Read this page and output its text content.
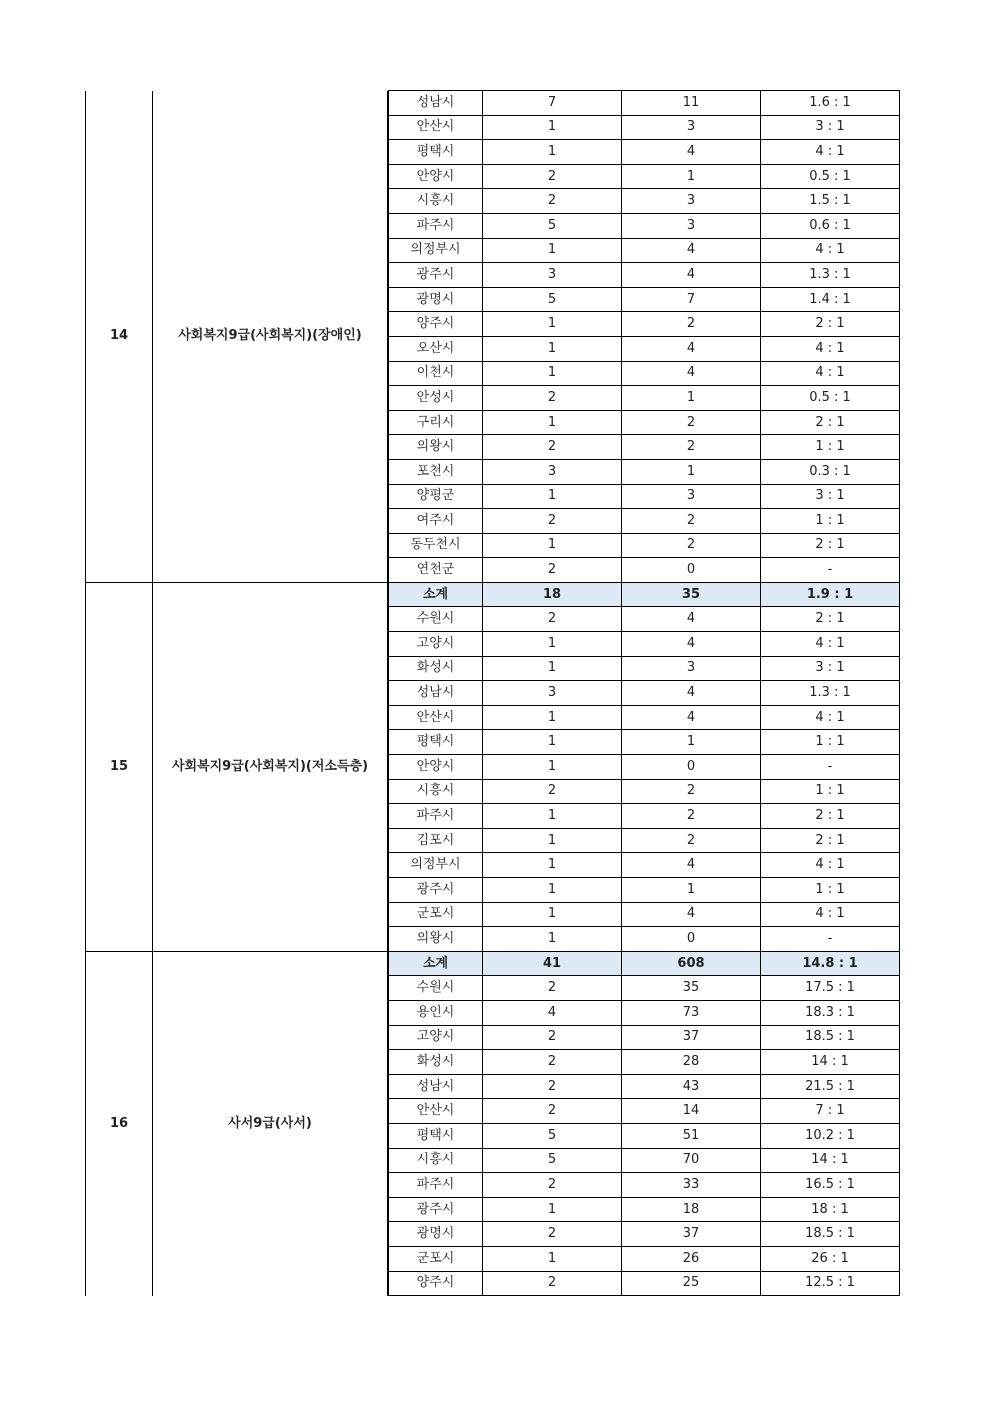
14	사회복지9급(사회복지)(장애인)		성남시	7	11	1.6 : 1
		안산시	1	3	3 : 1
		평택시	1	4	4 : 1
		안양시	2	1	0.5 : 1
		시흥시	2	3	1.5 : 1
		파주시	5	3	0.6 : 1
		의정부시	1	4	4 : 1
		광주시	3	4	1.3 : 1
		광명시	5	7	1.4 : 1
		양주시	1	2	2 : 1
		오산시	1	4	4 : 1
		이천시	1	4	4 : 1
		안성시	2	1	0.5 : 1
		구리시	1	2	2 : 1
		의왕시	2	2	1 : 1
		포천시	3	1	0.3 : 1
		양평군	1	3	3 : 1
		여주시	2	2	1 : 1
		동두천시	1	2	2 : 1
		연천군	2	0	-
15	사회복지9급(사회복지)(저소득층)		소계	18	35	1.9 : 1
		수원시	2	4	2 : 1
		고양시	1	4	4 : 1
		화성시	1	3	3 : 1
		성남시	3	4	1.3 : 1
		안산시	1	4	4 : 1
		평택시	1	1	1 : 1
		안양시	1	0	-
		시흥시	2	2	1 : 1
		파주시	1	2	2 : 1
		김포시	1	2	2 : 1
		의정부시	1	4	4 : 1
		광주시	1	1	1 : 1
		군포시	1	4	4 : 1
		의왕시	1	0	-
16	사서9급(사서)		소계	41	608	14.8 : 1
		수원시	2	35	17.5 : 1
		용인시	4	73	18.3 : 1
		고양시	2	37	18.5 : 1
		화성시	2	28	14 : 1
		성남시	2	43	21.5 : 1
		안산시	2	14	7 : 1
		평택시	5	51	10.2 : 1
		시흥시	5	70	14 : 1
		파주시	2	33	16.5 : 1
		광주시	1	18	18 : 1
		광명시	2	37	18.5 : 1
		군포시	1	26	26 : 1
		양주시	2	25	12.5 : 1
